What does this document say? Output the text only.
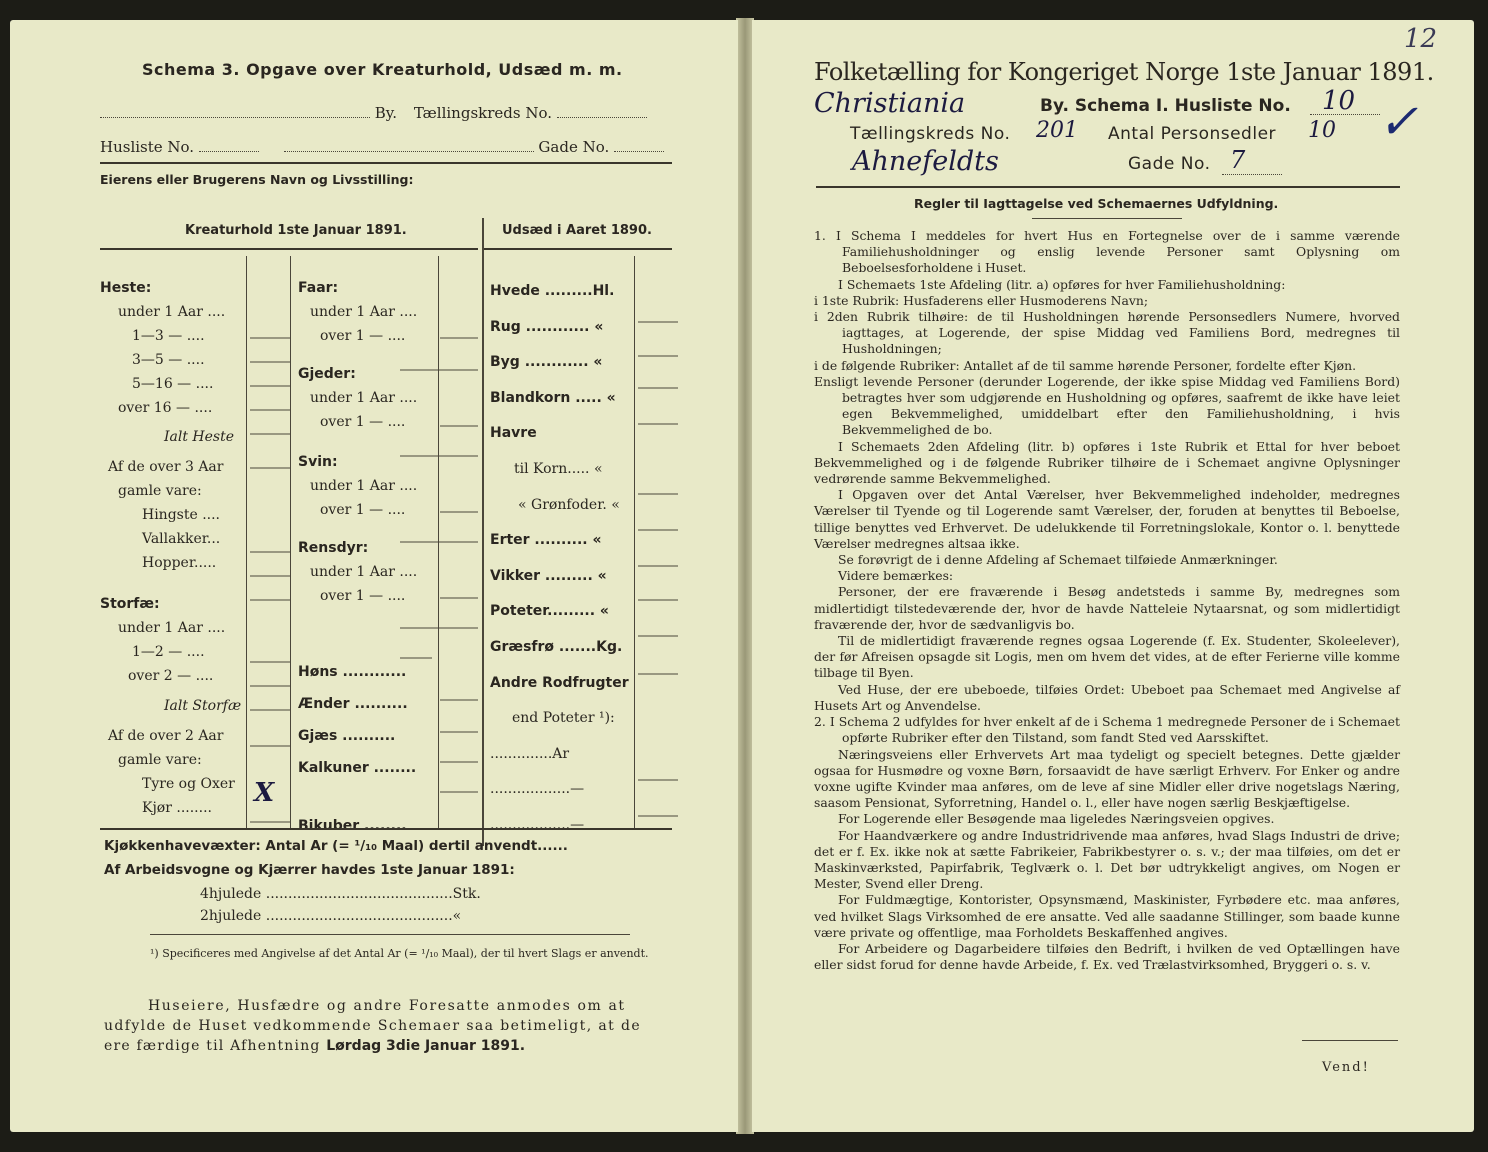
Schema 3. Opgave over Kreaturhold, Udsæd m. m.
By. Tællingskreds No.
Husliste No.	Gade No.
Eierens eller Brugerens Navn og Livsstilling:
Kreaturhold 1ste Januar 1891.	Udsæd i Aaret 1890.
Heste:
under 1 Aar ....
1—3 — ....
3—5 — ....
5—16 — ....
over 16 — ....
Ialt Heste
Af de over 3 Aar
gamle vare:
Hingste ....
Vallakker...
Hopper.....
Storfæ:
under 1 Aar ....
1—2 — ....
over 2 — ....
Ialt Storfæ
Af de over 2 Aar
gamle vare:
Tyre og Oxer
Kjør ........	X
Faar:
under 1 Aar ....
over 1 — ....
Gjeder:
under 1 Aar ....
over 1 — ....
Svin:
under 1 Aar ....
over 1 — ....
Rensdyr:
under 1 Aar ....
over 1 — ....
Høns ............
Ænder ..........
Gjæs ..........
Kalkuner ........
Bikuber ........
Hvede .........Hl.
Rug ............ «
Byg ............ «
Blandkorn ..... «
Havre
til Korn..... «
« Grønfoder. «
Erter .......... «
Vikker ......... «
Poteter......... «
Græsfrø .......Kg.
Andre Rodfrugter
end Poteter ¹):
..............Ar
..................—
..................—
Kjøkkenhavevæxter: Antal Ar (= ¹/₁₀ Maal) dertil anvendt......
Af Arbeidsvogne og Kjærrer havdes 1ste Januar 1891:
4hjulede ..........................................Stk.
2hjulede ..........................................«
¹) Specificeres med Angivelse af det Antal Ar (= ¹/₁₀ Maal), der til hvert Slags er anvendt.
Huseiere, Husfædre og andre Foresatte anmodes om at
udfylde de Huset vedkommende Schemaer saa betimeligt, at de
ere færdige til Afhentning Lørdag 3die Januar 1891.
12
Folketælling for Kongeriget Norge 1ste Januar 1891.
Christiania	By. Schema I. Husliste No. 10 ✓
Tællingskreds No. 201 Antal Personsedler 10
Ahnefeldts	Gade No. 7
Regler til Iagttagelse ved Schemaernes Udfyldning.

1. I Schema I meddeles for hvert Hus en Fortegnelse over de i samme værende Familiehusholdninger og enslig levende Personer samt Oplysning om Beboelsesforholdene i Huset.

I Schemaets 1ste Afdeling (litr. a) opføres for hver Familiehusholdning:

i 1ste Rubrik: Husfaderens eller Husmoderens Navn;

i 2den Rubrik tilhøire: de til Husholdningen hørende Personsedlers Numere, hvorved iagttages, at Logerende, der spise Middag ved Familiens Bord, medregnes til Husholdningen;

i de følgende Rubriker: Antallet af de til samme hørende Personer, fordelte efter Kjøn.

Ensligt levende Personer (derunder Logerende, der ikke spise Middag ved Familiens Bord) betragtes hver som udgjørende en Husholdning og opføres, saafremt de ikke have leiet egen Bekvemmelighed, umiddelbart efter den Familiehusholdning, i hvis Bekvemmelighed de bo.

I Schemaets 2den Afdeling (litr. b) opføres i 1ste Rubrik et Ettal for hver beboet Bekvemmelighed og i de følgende Rubriker tilhøire de i Schemaet angivne Oplysninger vedrørende samme Bekvemmelighed.

I Opgaven over det Antal Værelser, hver Bekvemmelighed indeholder, medregnes Værelser til Tyende og til Logerende samt Værelser, der, foruden at benyttes til Beboelse, tillige benyttes ved Erhvervet. De udelukkende til Forretningslokale, Kontor o. l. benyttede Værelser medregnes altsaa ikke.

Se forøvrigt de i denne Afdeling af Schemaet tilføiede Anmærkninger.

Videre bemærkes:

Personer, der ere fraværende i Besøg andetsteds i samme By, medregnes som midlertidigt tilstedeværende der, hvor de havde Natteleie Nytaarsnat, og som midlertidigt fraværende der, hvor de sædvanligvis bo.

Til de midlertidigt fraværende regnes ogsaa Logerende (f. Ex. Studenter, Skoleelever), der før Afreisen opsagde sit Logis, men om hvem det vides, at de efter Ferierne ville komme tilbage til Byen.

Ved Huse, der ere ubeboede, tilføies Ordet: Ubeboet paa Schemaet med Angivelse af Husets Art og Anvendelse.

2. I Schema 2 udfyldes for hver enkelt af de i Schema 1 medregnede Personer de i Schemaet opførte Rubriker efter den Tilstand, som fandt Sted ved Aarsskiftet.

Næringsveiens eller Erhvervets Art maa tydeligt og specielt betegnes. Dette gjælder ogsaa for Husmødre og voxne Børn, forsaavidt de have særligt Erhverv. For Enker og andre voxne ugifte Kvinder maa anføres, om de leve af sine Midler eller drive nogetslags Næring, saasom Pensionat, Syforretning, Handel o. l., eller have nogen særlig Beskjæftigelse.

For Logerende eller Besøgende maa ligeledes Næringsveien opgives.

For Haandværkere og andre Industridrivende maa anføres, hvad Slags Industri de drive; det er f. Ex. ikke nok at sætte Fabrikeier, Fabrikbestyrer o. s. v.; der maa tilføies, om det er Maskinværksted, Papirfabrik, Teglværk o. l. Det bør udtrykkeligt angives, om Nogen er Mester, Svend eller Dreng.

For Fuldmægtige, Kontorister, Opsynsmænd, Maskinister, Fyrbødere etc. maa anføres, ved hvilket Slags Virksomhed de ere ansatte. Ved alle saadanne Stillinger, som baade kunne være private og offentlige, maa Forholdets Beskaffenhed angives.

For Arbeidere og Dagarbeidere tilføies den Bedrift, i hvilken de ved Optællingen have eller sidst forud for denne havde Arbeide, f. Ex. ved Trælastvirksomhed, Bryggeri o. s. v.

Vend!
